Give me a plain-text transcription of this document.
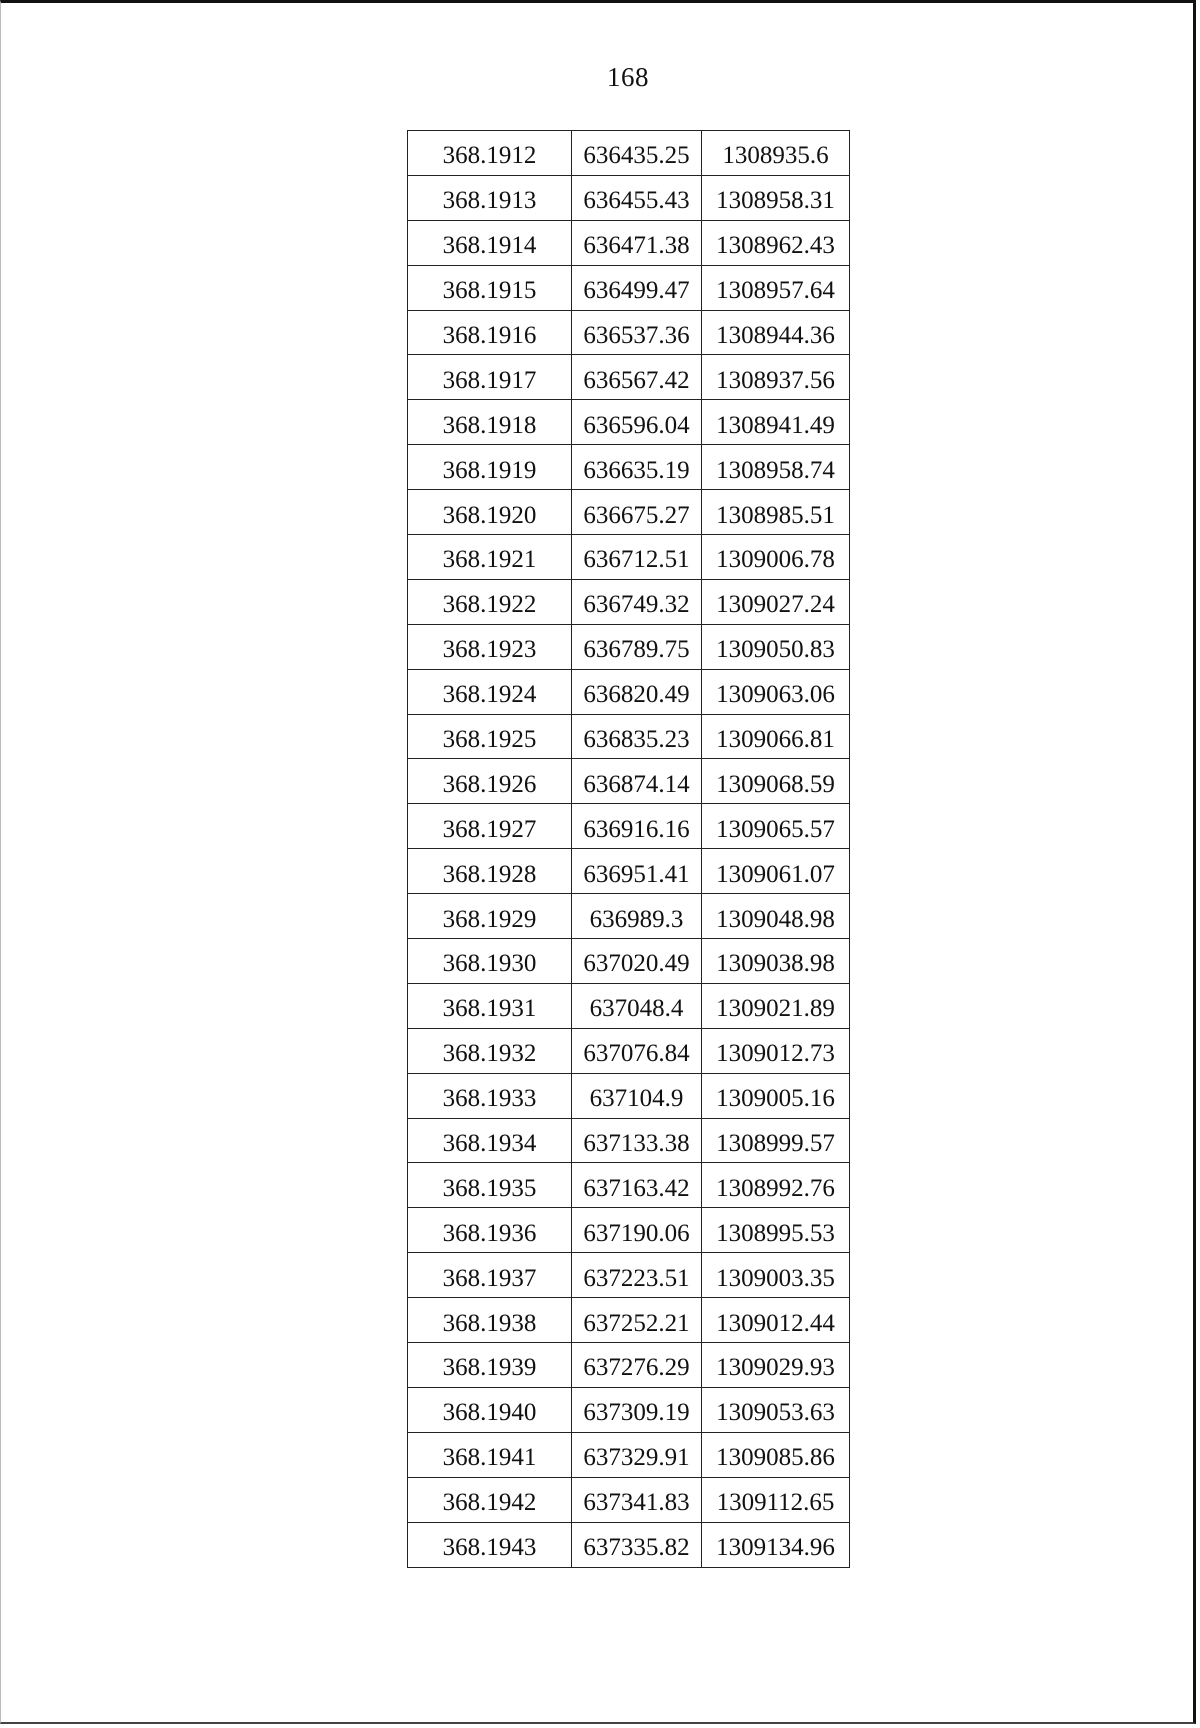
168
368.1912	636435.25	1308935.6
368.1913	636455.43	1308958.31
368.1914	636471.38	1308962.43
368.1915	636499.47	1308957.64
368.1916	636537.36	1308944.36
368.1917	636567.42	1308937.56
368.1918	636596.04	1308941.49
368.1919	636635.19	1308958.74
368.1920	636675.27	1308985.51
368.1921	636712.51	1309006.78
368.1922	636749.32	1309027.24
368.1923	636789.75	1309050.83
368.1924	636820.49	1309063.06
368.1925	636835.23	1309066.81
368.1926	636874.14	1309068.59
368.1927	636916.16	1309065.57
368.1928	636951.41	1309061.07
368.1929	636989.3	1309048.98
368.1930	637020.49	1309038.98
368.1931	637048.4	1309021.89
368.1932	637076.84	1309012.73
368.1933	637104.9	1309005.16
368.1934	637133.38	1308999.57
368.1935	637163.42	1308992.76
368.1936	637190.06	1308995.53
368.1937	637223.51	1309003.35
368.1938	637252.21	1309012.44
368.1939	637276.29	1309029.93
368.1940	637309.19	1309053.63
368.1941	637329.91	1309085.86
368.1942	637341.83	1309112.65
368.1943	637335.82	1309134.96
